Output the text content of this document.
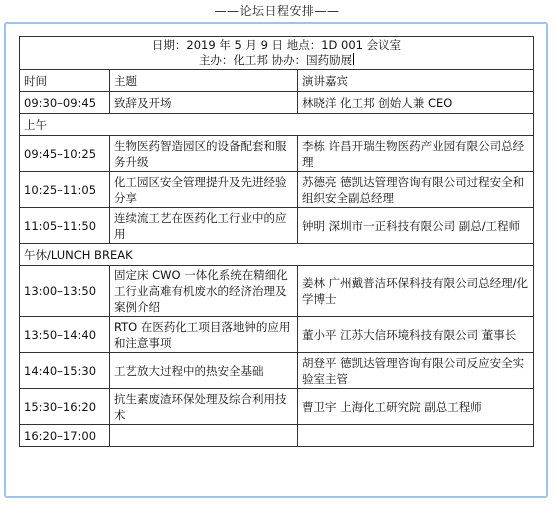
——论坛日程安排——
日期：2019 年 5 月 9 日 地点：1D 001 会议室
主办：化工邦 协办：国药励展		

时间	主题	演讲嘉宾
09:30–09:45	致辞及开场	林晓洋 化工邦 创始人兼 CEO
上午		
09:45–10:25	生物医药智造园区的设备配套和服务升级	李栋 许昌开瑞生物医药产业园有限公司总经理
10:25–11:05	化工园区安全管理提升及先进经验分享	苏德亮 德凯达管理咨询有限公司过程安全和组织安全副总经理
11:05–11:50	连续流工艺在医药化工行业中的应用	钟明 深圳市一正科技有限公司 副总/工程师
午休/LUNCH BREAK		
13:00–13:50	固定床 CWO 一体化系统在精细化工行业高难有机废水的经济治理及案例介绍	姜林 广州戴普洁环保科技有限公司总经理/化学博士
13:50–14:40	RTO 在医药化工项目落地钟的应用和注意事项	董小平 江苏大信环境科技有限公司 董事长
14:40–15:30	工艺放大过程中的热安全基础	胡登平 德凯达管理咨询有限公司反应安全实验室主管
15:30–16:20	抗生素废渣环保处理及综合利用技术	曹卫宇 上海化工研究院 副总工程师
16:20–17:00		
